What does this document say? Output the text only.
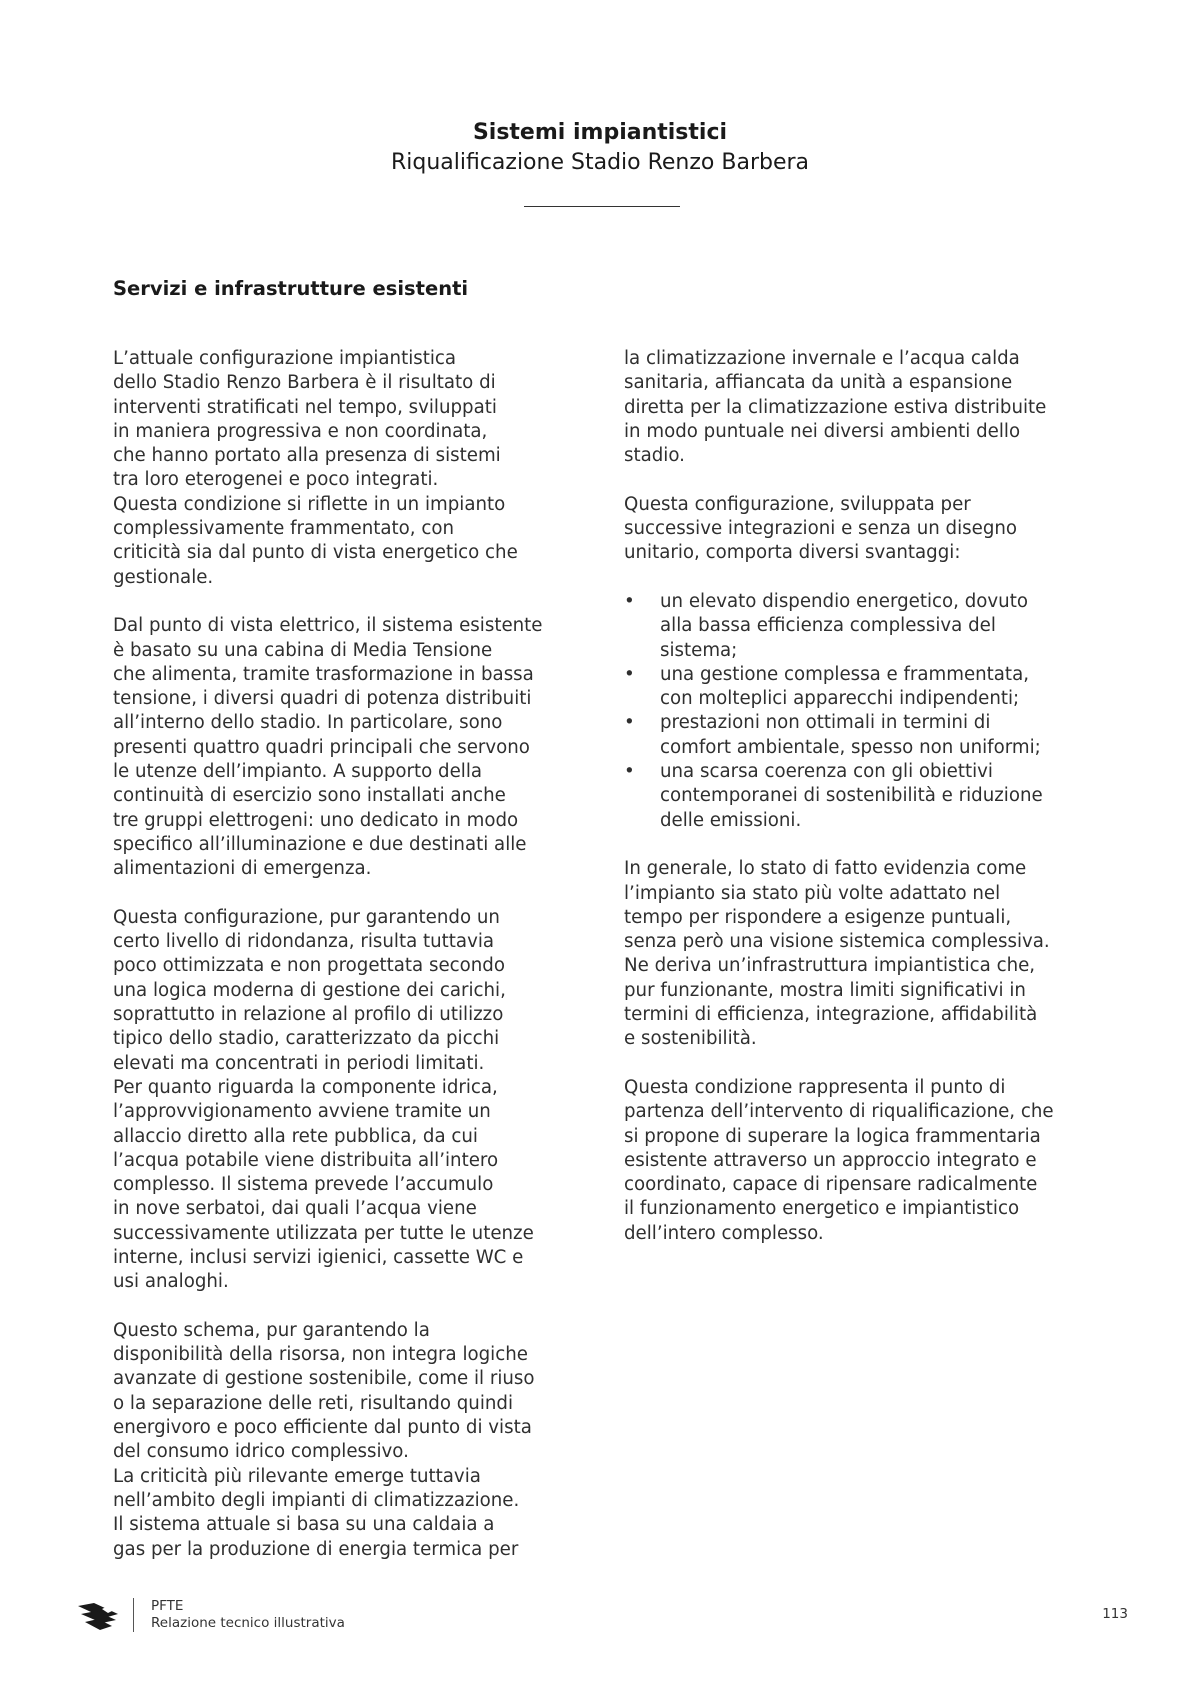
Sistemi impiantistici
Riqualificazione Stadio Renzo Barbera
Servizi e infrastrutture esistenti
L’attuale configurazione impiantistica
dello Stadio Renzo Barbera è il risultato di
interventi stratificati nel tempo, sviluppati
in maniera progressiva e non coordinata,
che hanno portato alla presenza di sistemi
tra loro eterogenei e poco integrati.
Questa condizione si riflette in un impianto
complessivamente frammentato, con
criticità sia dal punto di vista energetico che
gestionale.
Dal punto di vista elettrico, il sistema esistente
è basato su una cabina di Media Tensione
che alimenta, tramite trasformazione in bassa
tensione, i diversi quadri di potenza distribuiti
all’interno dello stadio. In particolare, sono
presenti quattro quadri principali che servono
le utenze dell’impianto. A supporto della
continuità di esercizio sono installati anche
tre gruppi elettrogeni: uno dedicato in modo
specifico all’illuminazione e due destinati alle
alimentazioni di emergenza.
Questa configurazione, pur garantendo un
certo livello di ridondanza, risulta tuttavia
poco ottimizzata e non progettata secondo
una logica moderna di gestione dei carichi,
soprattutto in relazione al profilo di utilizzo
tipico dello stadio, caratterizzato da picchi
elevati ma concentrati in periodi limitati.
Per quanto riguarda la componente idrica,
l’approvvigionamento avviene tramite un
allaccio diretto alla rete pubblica, da cui
l’acqua potabile viene distribuita all’intero
complesso. Il sistema prevede l’accumulo
in nove serbatoi, dai quali l’acqua viene
successivamente utilizzata per tutte le utenze
interne, inclusi servizi igienici, cassette WC e
usi analoghi.
Questo schema, pur garantendo la
disponibilità della risorsa, non integra logiche
avanzate di gestione sostenibile, come il riuso
o la separazione delle reti, risultando quindi
energivoro e poco efficiente dal punto di vista
del consumo idrico complessivo.
La criticità più rilevante emerge tuttavia
nell’ambito degli impianti di climatizzazione.
Il sistema attuale si basa su una caldaia a
gas per la produzione di energia termica per
la climatizzazione invernale e l’acqua calda
sanitaria, affiancata da unità a espansione
diretta per la climatizzazione estiva distribuite
in modo puntuale nei diversi ambienti dello
stadio.
Questa configurazione, sviluppata per
successive integrazioni e senza un disegno
unitario, comporta diversi svantaggi:
•	un elevato dispendio energetico, dovuto
alla bassa efficienza complessiva del
sistema;
•	una gestione complessa e frammentata,
con molteplici apparecchi indipendenti;
•	prestazioni non ottimali in termini di
comfort ambientale, spesso non uniformi;
•	una scarsa coerenza con gli obiettivi
contemporanei di sostenibilità e riduzione
delle emissioni.
In generale, lo stato di fatto evidenzia come
l’impianto sia stato più volte adattato nel
tempo per rispondere a esigenze puntuali,
senza però una visione sistemica complessiva.
Ne deriva un’infrastruttura impiantistica che,
pur funzionante, mostra limiti significativi in
termini di efficienza, integrazione, affidabilità
e sostenibilità.
Questa condizione rappresenta il punto di
partenza dell’intervento di riqualificazione, che
si propone di superare la logica frammentaria
esistente attraverso un approccio integrato e
coordinato, capace di ripensare radicalmente
il funzionamento energetico e impiantistico
dell’intero complesso.
PFTE
Relazione tecnico illustrativa
113
